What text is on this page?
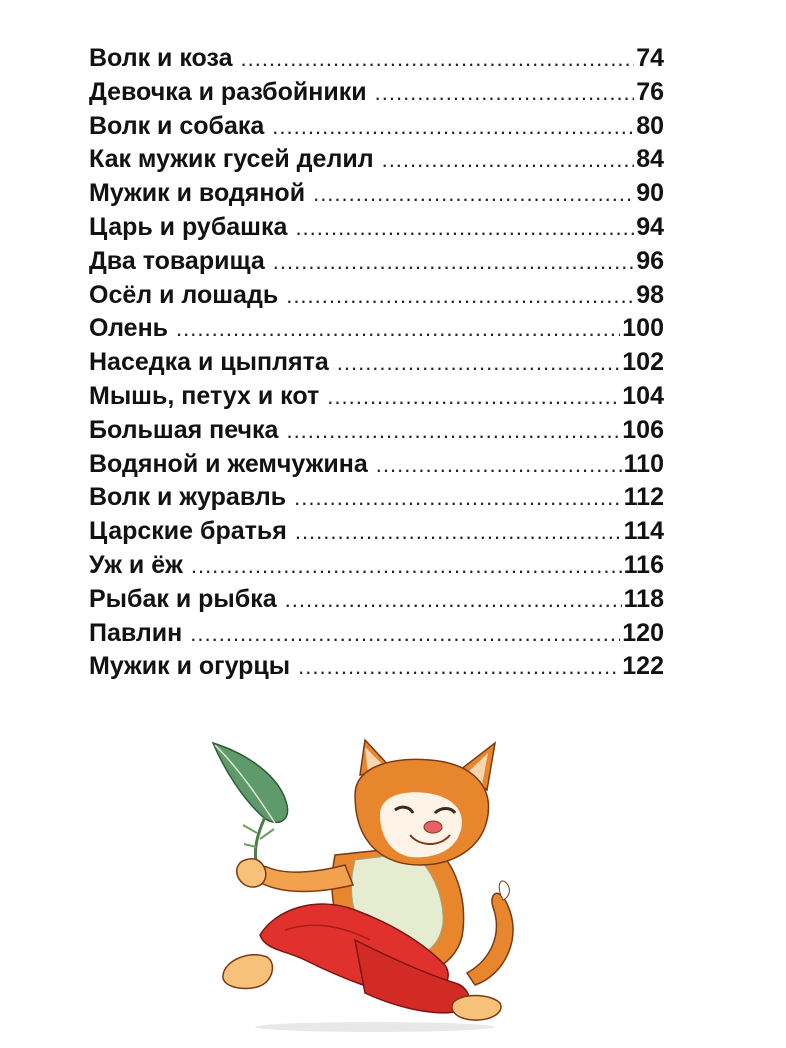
Волк и коза .....	74
Девочка и разбойники .....	76
Волк и собака .....	80
Как мужик гусей делил .....	84
Мужик и водяной .....	90
Царь и рубашка .....	94
Два товарища .....	96
Осёл и лошадь .....	98
Олень .....	100
Наседка и цыплята .....	102
Мышь, петух и кот .....	104
Большая печка .....	106
Водяной и жемчужина .....	110
Волк и журавль .....	112
Царские братья .....	114
Уж и ёж .....	116
Рыбак и рыбка .....	118
Павлин .....	120
Мужик и огурцы .....	122
